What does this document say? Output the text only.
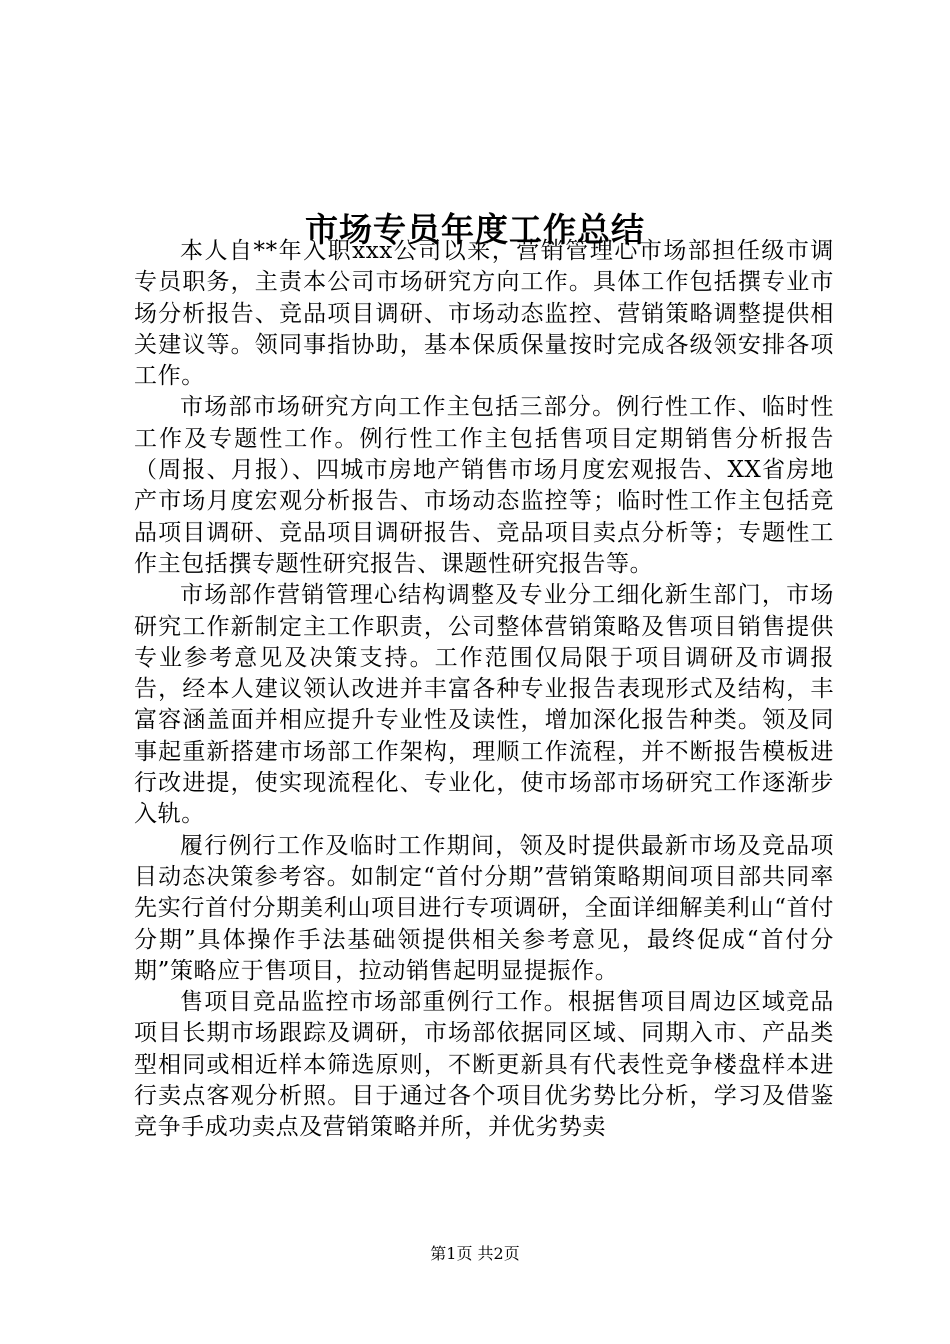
市场专员年度工作总结

本人自**年入职xxx公司以来，营销管理心市场部担任级市调专员职务，主责本公司市场研究方向工作。具体工作包括撰专业市场分析报告、竞品项目调研、市场动态监控、营销策略调整提供相关建议等。领同事指协助，基本保质保量按时完成各级领安排各项工作。

市场部市场研究方向工作主包括三部分。例行性工作、临时性工作及专题性工作。例行性工作主包括售项目定期销售分析报告（周报、月报）、四城市房地产销售市场月度宏观报告、XX省房地产市场月度宏观分析报告、市场动态监控等；临时性工作主包括竞品项目调研、竞品项目调研报告、竞品项目卖点分析等；专题性工作主包括撰专题性研究报告、课题性研究报告等。

市场部作营销管理心结构调整及专业分工细化新生部门，市场研究工作新制定主工作职责，公司整体营销策略及售项目销售提供专业参考意见及决策支持。工作范围仅局限于项目调研及市调报告，经本人建议领认改进并丰富各种专业报告表现形式及结构，丰富容涵盖面并相应提升专业性及读性，增加深化报告种类。领及同事起重新搭建市场部工作架构，理顺工作流程，并不断报告模板进行改进提，使实现流程化、专业化，使市场部市场研究工作逐渐步入轨。

履行例行工作及临时工作期间，领及时提供最新市场及竞品项目动态决策参考容。如制定“首付分期”营销策略期间项目部共同率先实行首付分期美利山项目进行专项调研，全面详细解美利山“首付分期”具体操作手法基础领提供相关参考意见，最终促成“首付分期”策略应于售项目，拉动销售起明显提振作。

售项目竞品监控市场部重例行工作。根据售项目周边区域竞品项目长期市场跟踪及调研，市场部依据同区域、同期入市、产品类型相同或相近样本筛选原则，不断更新具有代表性竞争楼盘样本进行卖点客观分析照。目于通过各个项目优劣势比分析，学习及借鉴竞争手成功卖点及营销策略并所，并优劣势卖

第1页 共2页
